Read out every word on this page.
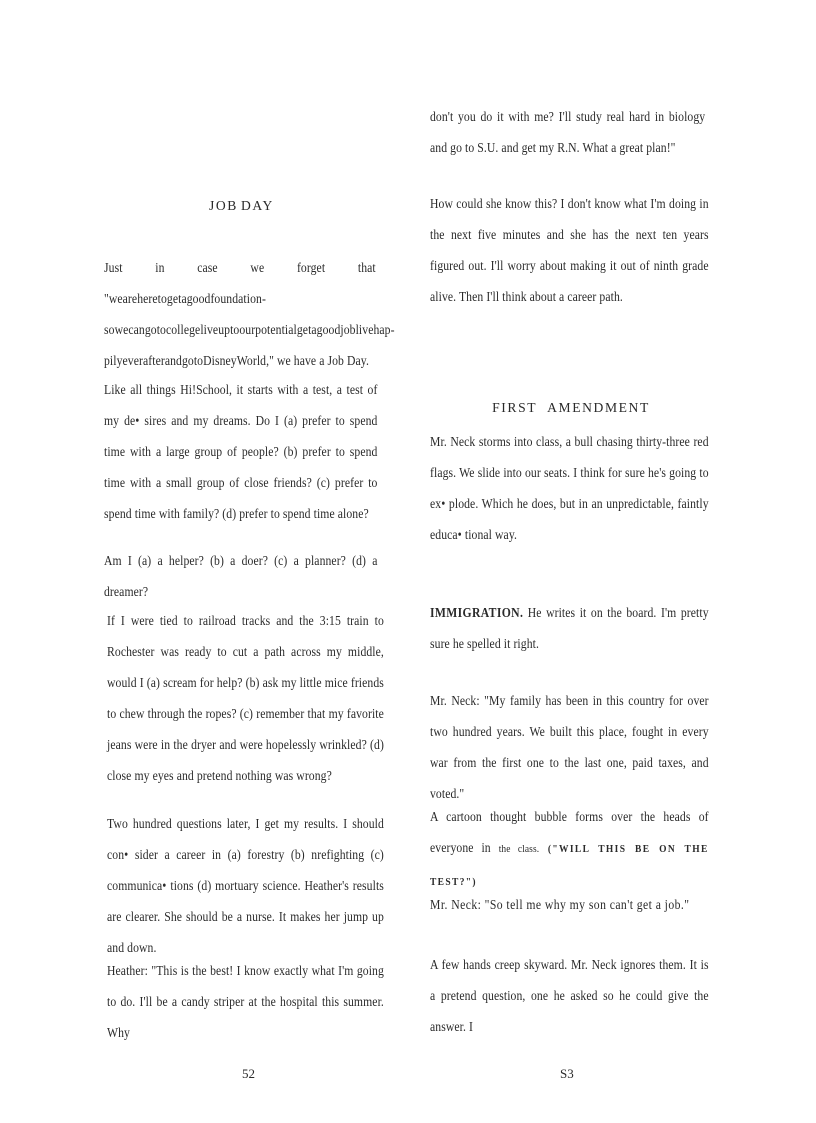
JOB DAY

Just in case we forget that "weareheretogetagoodfoundation-sowecangotocollegeliveuptoourpotentialgetagoodjoblivehap-pilyeverafterandgotoDisneyWorld," we have a Job Day.

Like all things Hi!School, it starts with a test, a test of my de• sires and my dreams. Do I (a) prefer to spend time with a large group of people? (b) prefer to spend time with a small group of close friends? (c) prefer to spend time with family? (d) prefer to spend time alone?

Am I (a) a helper? (b) a doer? (c) a planner? (d) a dreamer?

If I were tied to railroad tracks and the 3:15 train to Rochester was ready to cut a path across my middle, would I (a) scream for help? (b) ask my little mice friends to chew through the ropes? (c) remember that my favorite jeans were in the dryer and were hopelessly wrinkled? (d) close my eyes and pretend nothing was wrong?

Two hundred questions later, I get my results. I should con• sider a career in (a) forestry (b) nrefighting (c) communica• tions (d) mortuary science. Heather's results are clearer. She should be a nurse. It makes her jump up and down.

Heather: "This is the best! I know exactly what I'm going to do. I'll be a candy striper at the hospital this summer. Why

52

don't you do it with me? I'll study real hard in biology and go to S.U. and get my R.N. What a great plan!"

How could she know this? I don't know what I'm doing in the next five minutes and she has the next ten years figured out. I'll worry about making it out of ninth grade alive. Then I'll think about a career path.

FIRST AMENDMENT

Mr. Neck storms into class, a bull chasing thirty-three red flags. We slide into our seats. I think for sure he's going to ex• plode. Which he does, but in an unpredictable, faintly educa• tional way.

IMMIGRATION. He writes it on the board. I'm pretty sure he spelled it right.

Mr. Neck: "My family has been in this country for over two hundred years. We built this place, fought in every war from the first one to the last one, paid taxes, and voted."

A cartoon thought bubble forms over the heads of everyone in the class. ("WILL THIS BE ON THE TEST?")

Mr. Neck: "So tell me why my son can't get a job."

A few hands creep skyward. Mr. Neck ignores them. It is a pretend question, one he asked so he could give the answer. I

S3
